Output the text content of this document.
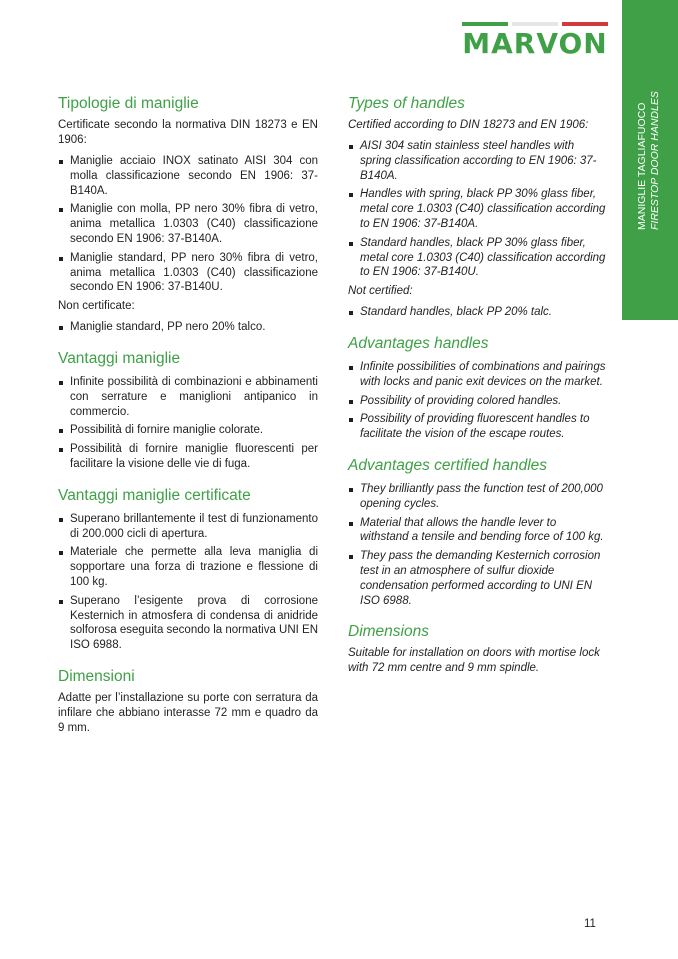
MARVON
MANIGLIE TAGLIAFUOCO FIRESTOP DOOR HANDLES
Tipologie di maniglie

Certificate secondo la normativa DIN 18273 e EN 1906:

Maniglie acciaio INOX satinato AISI 304 con molla classificazione secondo EN 1906: 37-B140A.
Maniglie con molla, PP nero 30% fibra di vetro, anima metallica 1.0303 (C40) classificazione secondo EN 1906: 37-B140A.
Maniglie standard, PP nero 30% fibra di vetro, anima metallica 1.0303 (C40) classificazione secondo EN 1906: 37-B140U.

Non certificate:

Maniglie standard, PP nero 20% talco.
Vantaggi maniglie
Infinite possibilità di combinazioni e abbinamenti con serrature e maniglioni antipanico in commercio.
Possibilità di fornire maniglie colorate.
Possibilità di fornire maniglie fluorescenti per facilitare la visione delle vie di fuga.
Vantaggi maniglie certificate
Superano brillantemente il test di funzionamento di 200.000 cicli di apertura.
Materiale che permette alla leva maniglia di sopportare una forza di trazione e flessione di 100 kg.
Superano l’esigente prova di corrosione Kesternich in atmosfera di condensa di anidride solforosa eseguita secondo la normativa UNI EN ISO 6988.
Dimensioni

Adatte per l’installazione su porte con serratura da infilare che abbiano interasse 72 mm e quadro da 9 mm.

Types of handles

Certified according to DIN 18273 and EN 1906:

AISI 304 satin stainless steel handles with spring classification according to EN 1906: 37-B140A.
Handles with spring, black PP 30% glass fiber, metal core 1.0303 (C40) classification according to EN 1906: 37-B140A.
Standard handles, black PP 30% glass fiber, metal core 1.0303 (C40) classification according to EN 1906: 37-B140U.

Not certified:

Standard handles, black PP 20% talc.
Advantages handles
Infinite possibilities of combinations and pairings with locks and panic exit devices on the market.
Possibility of providing colored handles.
Possibility of providing fluorescent handles to facilitate the vision of the escape routes.
Advantages certified handles
They brilliantly pass the function test of 200,000 opening cycles.
Material that allows the handle lever to withstand a tensile and bending force of 100 kg.
They pass the demanding Kesternich corrosion test in an atmosphere of sulfur dioxide condensation performed according to UNI EN ISO 6988.
Dimensions

Suitable for installation on doors with mortise lock with 72 mm centre and 9 mm spindle.

11
